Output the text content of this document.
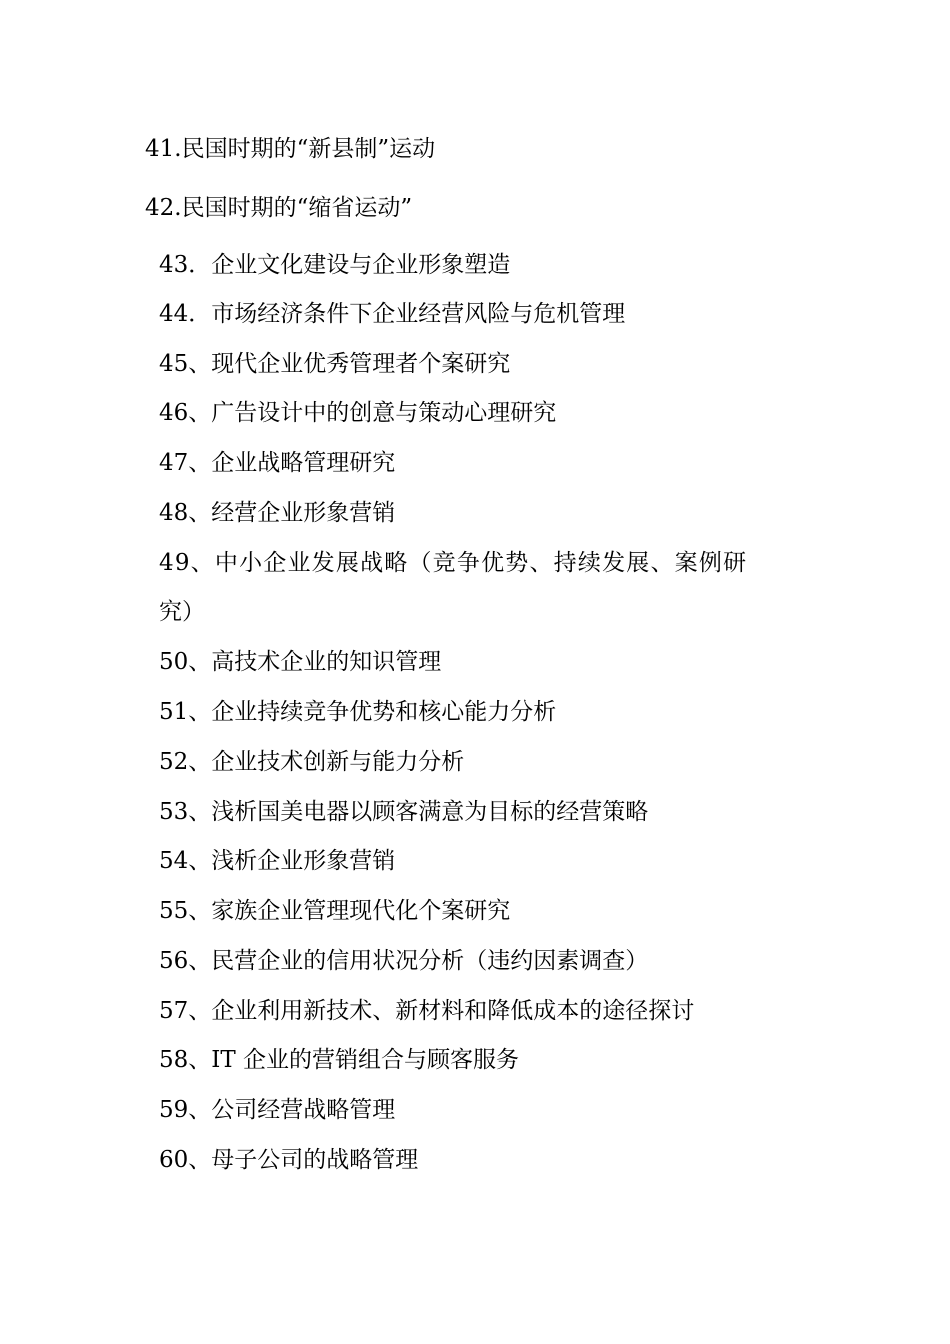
41.民国时期的“新县制”运动
42.民国时期的“缩省运动”
43．企业文化建设与企业形象塑造
44．市场经济条件下企业经营风险与危机管理
45、现代企业优秀管理者个案研究
46、广告设计中的创意与策动心理研究
47、企业战略管理研究
48、经营企业形象营销
49、中小企业发展战略（竞争优势、持续发展、案例研
究）
50、高技术企业的知识管理
51、企业持续竞争优势和核心能力分析
52、企业技术创新与能力分析
53、浅析国美电器以顾客满意为目标的经营策略
54、浅析企业形象营销
55、家族企业管理现代化个案研究
56、民营企业的信用状况分析（违约因素调查）
57、企业利用新技术、新材料和降低成本的途径探讨
58、IT 企业的营销组合与顾客服务
59、公司经营战略管理
60、母子公司的战略管理
